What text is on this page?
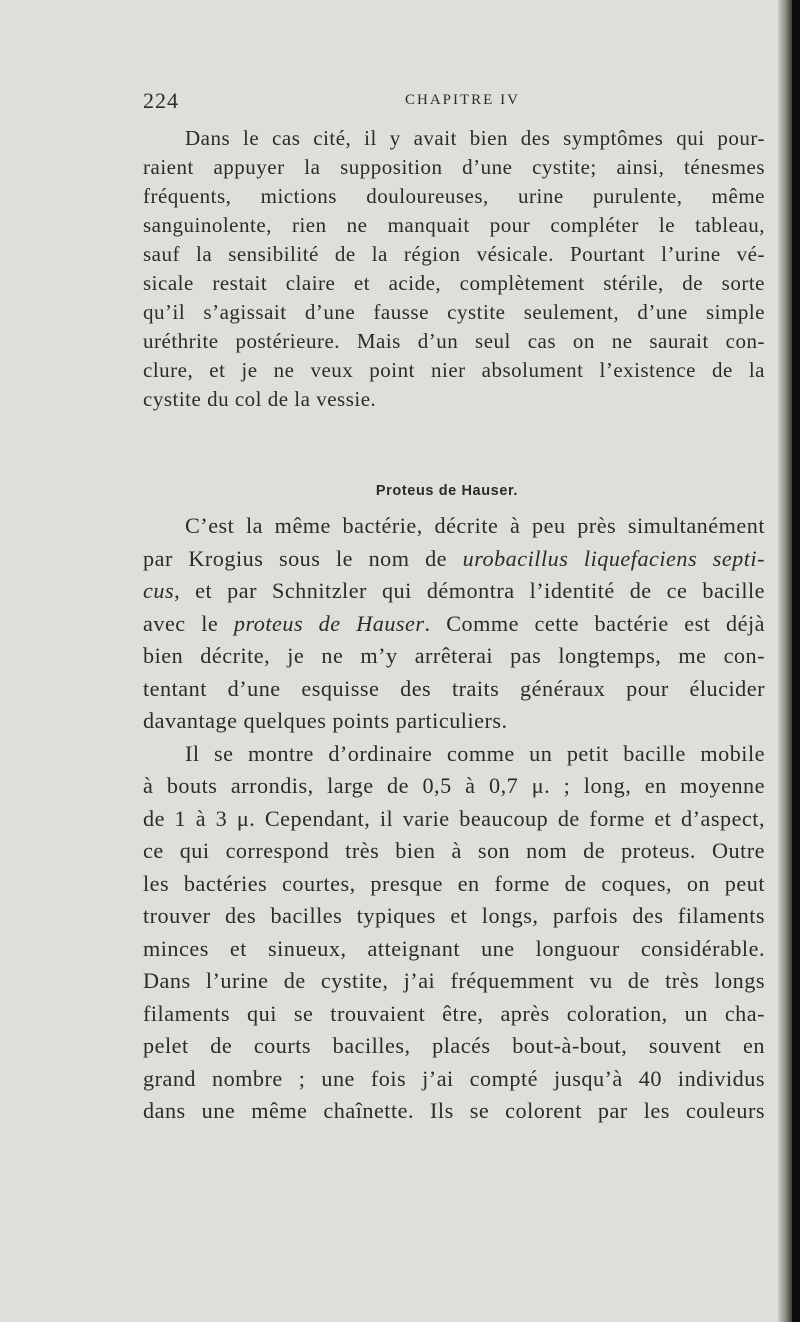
224	CHAPITRE IV
Dans le cas cité, il y avait bien des symptômes qui pour-
raient appuyer la supposition d’une cystite; ainsi, ténesmes
fréquents, mictions douloureuses, urine purulente, même
sanguinolente, rien ne manquait pour compléter le tableau,
sauf la sensibilité de la région vésicale. Pourtant l’urine vé-
sicale restait claire et acide, complètement stérile, de sorte
qu’il s’agissait d’une fausse cystite seulement, d’une simple
uréthrite postérieure. Mais d’un seul cas on ne saurait con-
clure, et je ne veux point nier absolument l’existence de la
cystite du col de la vessie.
Proteus de Hauser.
C’est la même bactérie, décrite à peu près simultanément
par Krogius sous le nom de urobacillus liquefaciens septi-
cus, et par Schnitzler qui démontra l’identité de ce bacille
avec le proteus de Hauser. Comme cette bactérie est déjà
bien décrite, je ne m’y arrêterai pas longtemps, me con-
tentant d’une esquisse des traits généraux pour élucider
davantage quelques points particuliers.
Il se montre d’ordinaire comme un petit bacille mobile
à bouts arrondis, large de 0,5 à 0,7 μ. ; long, en moyenne
de 1 à 3 μ. Cependant, il varie beaucoup de forme et d’aspect,
ce qui correspond très bien à son nom de proteus. Outre
les bactéries courtes, presque en forme de coques, on peut
trouver des bacilles typiques et longs, parfois des filaments
minces et sinueux, atteignant une longuour considérable.
Dans l’urine de cystite, j’ai fréquemment vu de très longs
filaments qui se trouvaient être, après coloration, un cha-
pelet de courts bacilles, placés bout-à-bout, souvent en
grand nombre ; une fois j’ai compté jusqu’à 40 individus
dans une même chaînette. Ils se colorent par les couleurs
